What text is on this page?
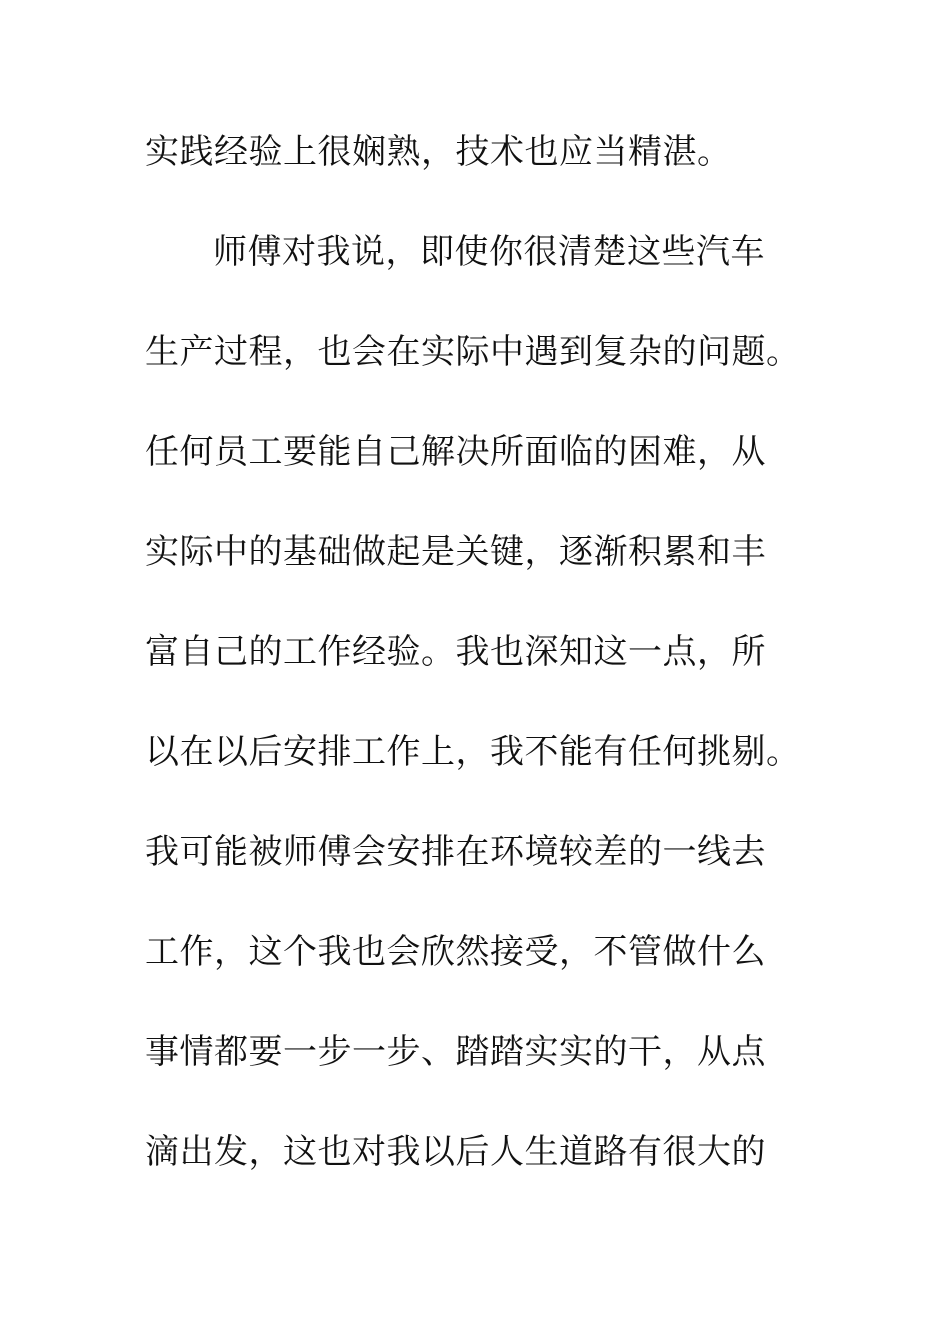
实践经验上很娴熟，技术也应当精湛。
师傅对我说，即使你很清楚这些汽车
生产过程，也会在实际中遇到复杂的问题。
任何员工要能自己解决所面临的困难，从
实际中的基础做起是关键，逐渐积累和丰
富自己的工作经验。我也深知这一点，所
以在以后安排工作上，我不能有任何挑剔。
我可能被师傅会安排在环境较差的一线去
工作，这个我也会欣然接受，不管做什么
事情都要一步一步、踏踏实实的干，从点
滴出发，这也对我以后人生道路有很大的
